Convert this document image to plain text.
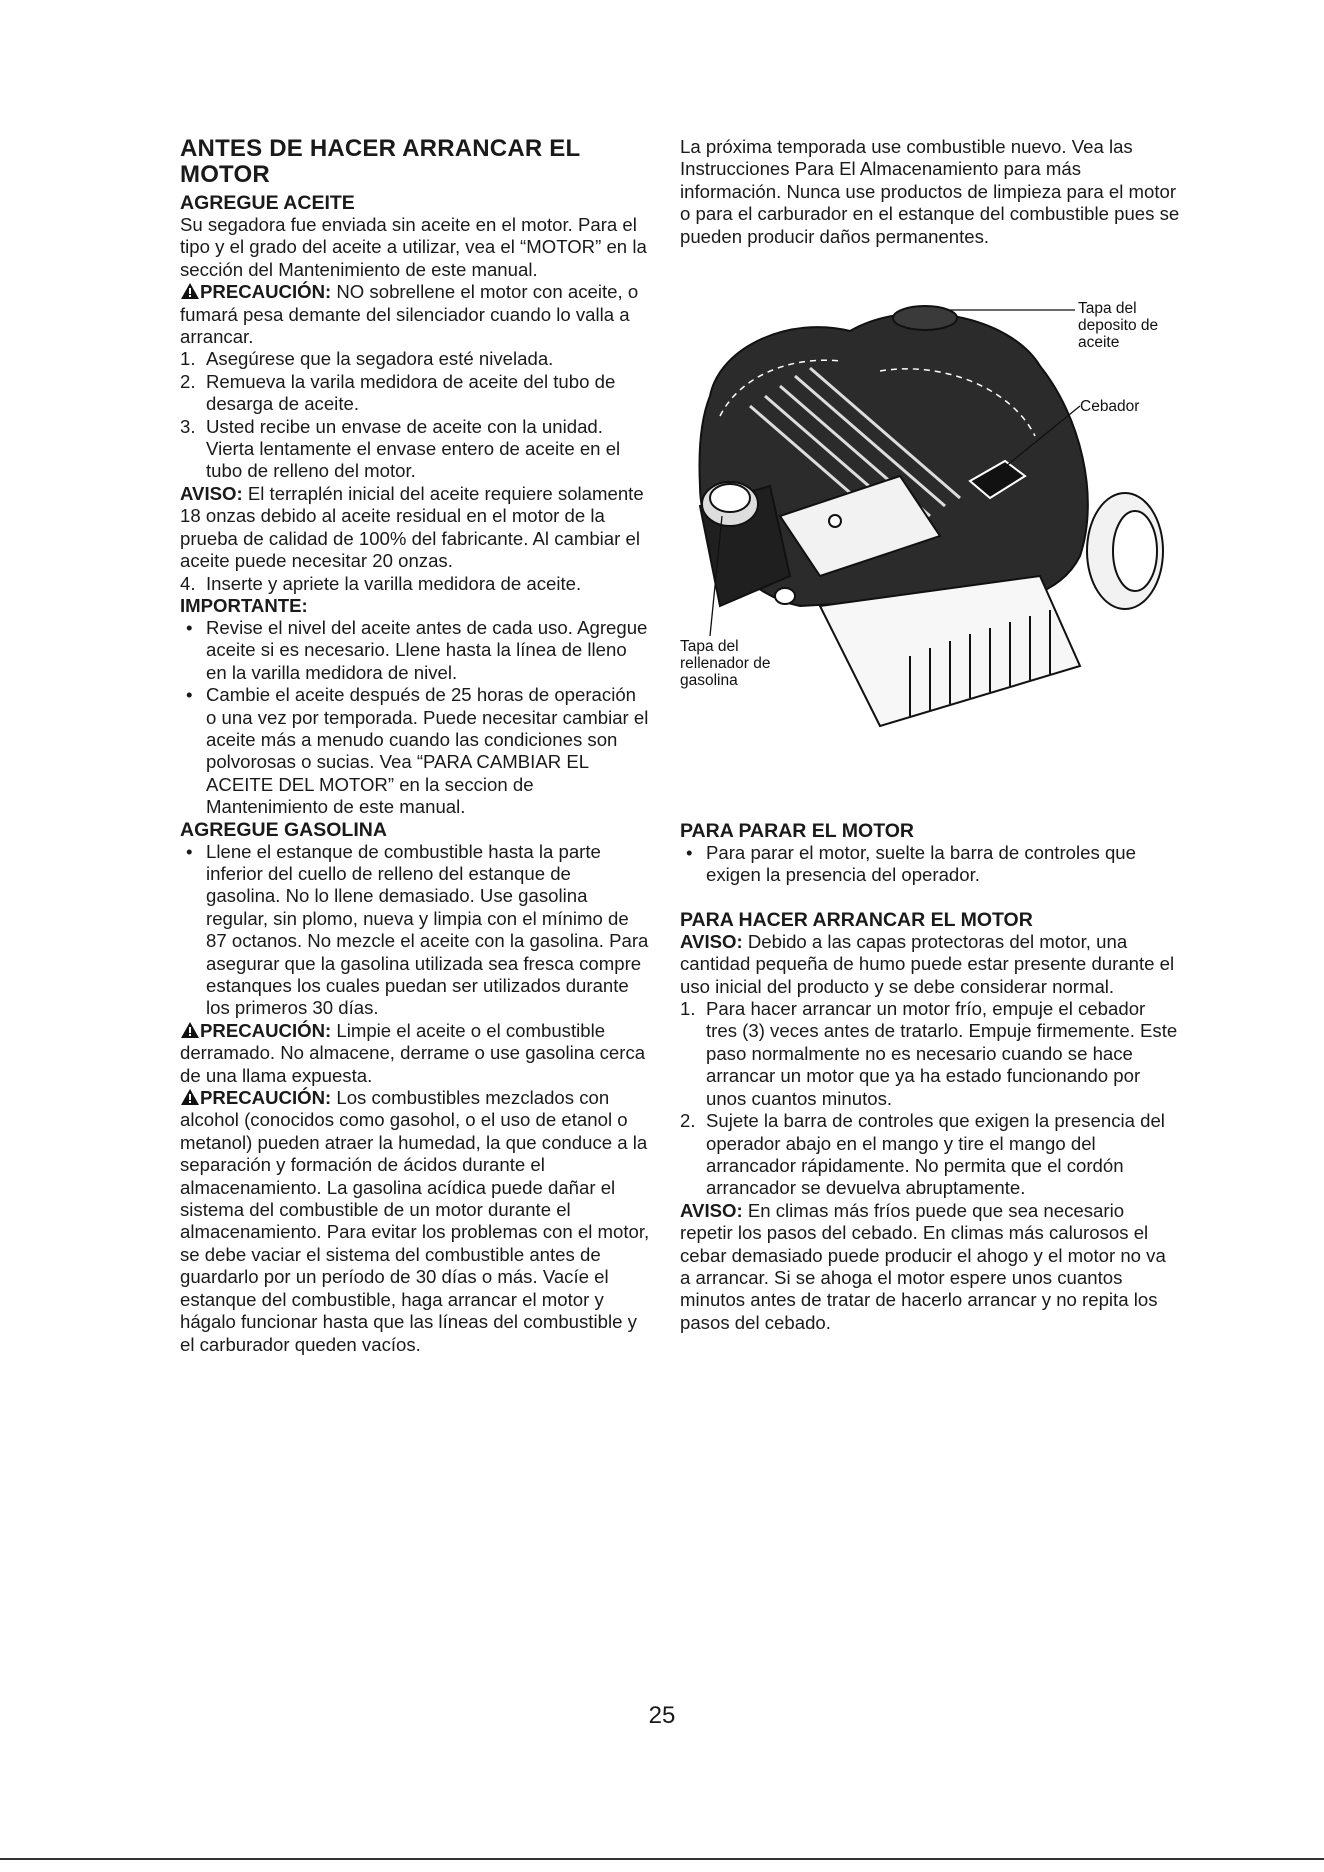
ANTES DE HACER ARRANCAR EL MOTOR
AGREGUE ACEITE

Su segadora fue enviada sin aceite en el motor. Para el tipo y el grado del aceite a utilizar, vea el “MOTOR” en la sección del Mantenimiento de este manual.

PRECAUCIÓN: NO sobrellene el motor con aceite, o fumará pesa demante del silenciador cuando lo valla a arrancar.

1. Asegúrese que la segadora esté nivelada.
2. Remueva la varila medidora de aceite del tubo de desarga de aceite.
3. Usted recibe un envase de aceite con la unidad. Vierta lentamente el envase entero de aceite en el tubo de relleno del motor.

AVISO: El terraplén inicial del aceite requiere solamente 18 onzas debido al aceite residual en el motor de la prueba de calidad de 100% del fabricante. Al cambiar el aceite puede necesitar 20 onzas.

4. Inserte y apriete la varilla medidora de aceite.
IMPORTANTE:
• Revise el nivel del aceite antes de cada uso. Agregue aceite si es necesario. Llene hasta la línea de lleno en la varilla medidora de nivel.
• Cambie el aceite después de 25 horas de operación o una vez por temporada. Puede necesitar cambiar el aceite más a menudo cuando las condiciones son polvorosas o sucias. Vea “PARA CAMBIAR EL ACEITE DEL MOTOR” en la seccion de Mantenimiento de este manual.
AGREGUE GASOLINA
• Llene el estanque de combustible hasta la parte inferior del cuello de relleno del estanque de gasolina. No lo llene demasiado. Use gasolina regular, sin plomo, nueva y limpia con el mínimo de 87 octanos. No mezcle el aceite con la gasolina. Para asegurar que la gasolina utilizada sea fresca compre estanques los cuales puedan ser utilizados durante los primeros 30 días.

PRECAUCIÓN: Limpie el aceite o el combustible derramado. No almacene, derrame o use gasolina cerca de una llama expuesta.

PRECAUCIÓN: Los combustibles mezclados con alcohol (conocidos como gasohol, o el uso de etanol o metanol) pueden atraer la humedad, la que conduce a la separación y formación de ácidos durante el almacenamiento. La gasolina acídica puede dañar el sistema del combustible de un motor durante el almacenamiento. Para evitar los problemas con el motor, se debe vaciar el sistema del combustible antes de guardarlo por un período de 30 días o más. Vacíe el estanque del combustible, haga arrancar el motor y hágalo funcionar hasta que las líneas del combustible y el carburador queden vacíos.

La próxima temporada use combustible nuevo. Vea las Instrucciones Para El Almacenamiento para más información. Nunca use productos de limpieza para el motor o para el carburador en el estanque del combustible pues se pueden producir daños permanentes.

Tapa del deposito de aceite
Cebador
Tapa del rellenador de gasolina
PARA PARAR EL MOTOR
• Para parar el motor, suelte la barra de controles que exigen la presencia del operador.
PARA HACER ARRANCAR EL MOTOR

AVISO: Debido a las capas protectoras del motor, una cantidad pequeña de humo puede estar presente durante el uso inicial del producto y se debe considerar normal.

1. Para hacer arrancar un motor frío, empuje el cebador tres (3) veces antes de tratarlo. Empuje firmemente. Este paso normalmente no es necesario cuando se hace arrancar un motor que ya ha estado funcionando por unos cuantos minutos.
2. Sujete la barra de controles que exigen la presencia del operador abajo en el mango y tire el mango del arrancador rápidamente. No permita que el cordón arrancador se devuelva abruptamente.

AVISO: En climas más fríos puede que sea necesario repetir los pasos del cebado. En climas más calurosos el cebar demasiado puede producir el ahogo y el motor no va a arrancar. Si se ahoga el motor espere unos cuantos minutos antes de tratar de hacerlo arrancar y no repita los pasos del cebado.

25
